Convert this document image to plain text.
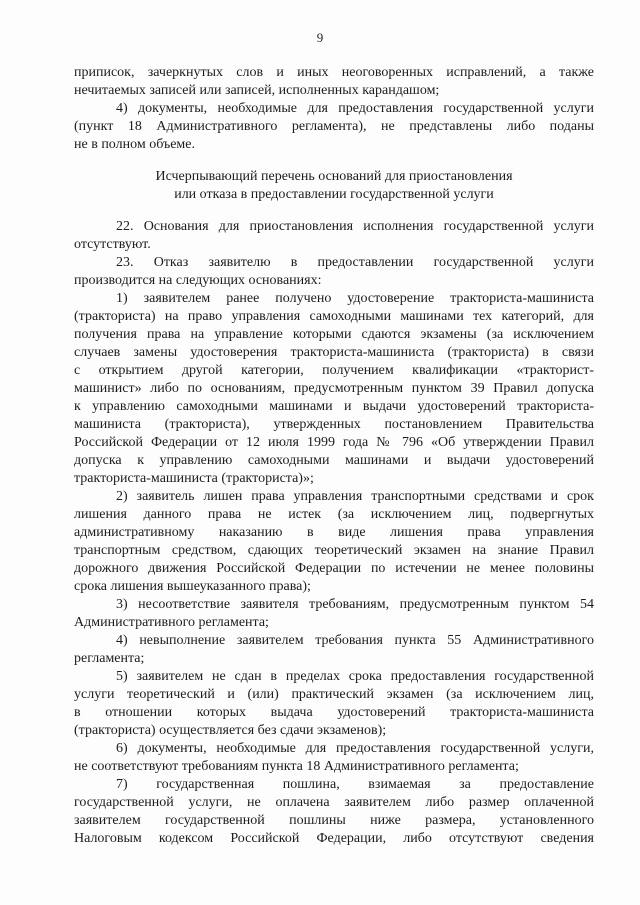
9
приписок, зачеркнутых слов и иных неоговоренных исправлений, а также
нечитаемых записей или записей, исполненных карандашом;
4) документы, необходимые для предоставления государственной услуги
(пункт 18 Административного регламента), не представлены либо поданы
не в полном объеме.
Исчерпывающий перечень оснований для приостановления
или отказа в предоставлении государственной услуги
22. Основания для приостановления исполнения государственной услуги
отсутствуют.
23. Отказ заявителю в предоставлении государственной услуги
производится на следующих основаниях:
1) заявителем ранее получено удостоверение тракториста-машиниста
(тракториста) на право управления самоходными машинами тех категорий, для
получения права на управление которыми сдаются экзамены (за исключением
случаев замены удостоверения тракториста-машиниста (тракториста) в связи
с открытием другой категории, получением квалификации «тракторист-
машинист» либо по основаниям, предусмотренным пунктом 39 Правил допуска
к управлению самоходными машинами и выдачи удостоверений тракториста-
машиниста (тракториста), утвержденных постановлением Правительства
Российской Федерации от 12 июля 1999 года № 796 «Об утверждении Правил
допуска к управлению самоходными машинами и выдачи удостоверений
тракториста-машиниста (тракториста)»;
2) заявитель лишен права управления транспортными средствами и срок
лишения данного права не истек (за исключением лиц, подвергнутых
административному наказанию в виде лишения права управления
транспортным средством, сдающих теоретический экзамен на знание Правил
дорожного движения Российской Федерации по истечении не менее половины
срока лишения вышеуказанного права);
3) несоответствие заявителя требованиям, предусмотренным пунктом 54
Административного регламента;
4) невыполнение заявителем требования пункта 55 Административного
регламента;
5) заявителем не сдан в пределах срока предоставления государственной
услуги теоретический и (или) практический экзамен (за исключением лиц,
в отношении которых выдача удостоверений тракториста-машиниста
(тракториста) осуществляется без сдачи экзаменов);
6) документы, необходимые для предоставления государственной услуги,
не соответствуют требованиям пункта 18 Административного регламента;
7) государственная пошлина, взимаемая за предоставление
государственной услуги, не оплачена заявителем либо размер оплаченной
заявителем государственной пошлины ниже размера, установленного
Налоговым кодексом Российской Федерации, либо отсутствуют сведения
